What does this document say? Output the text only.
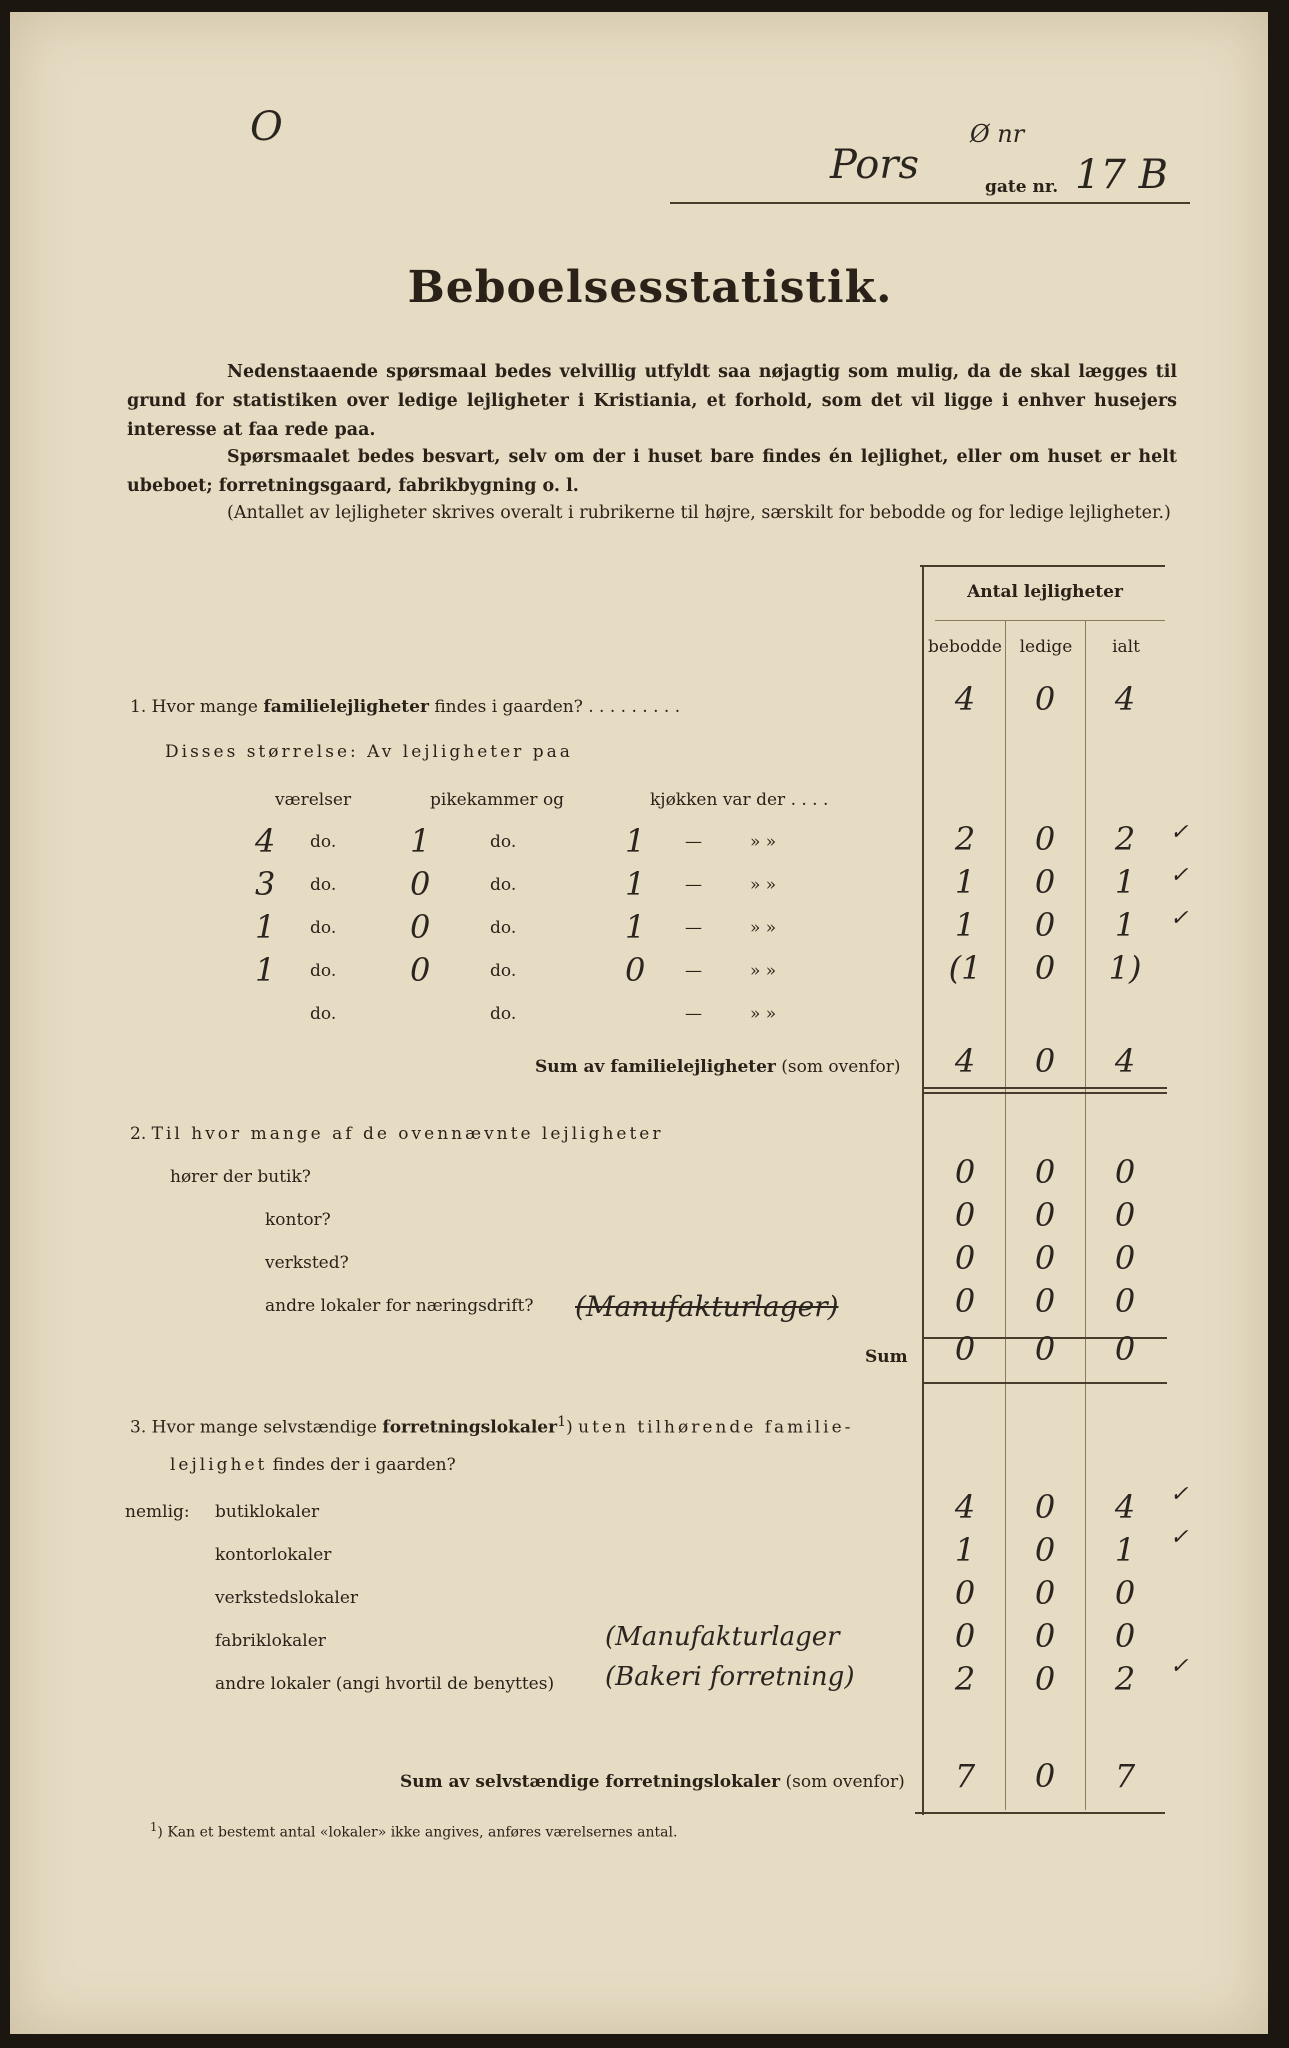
O	Ø nr
Pors	gate nr. 17 B
Beboelsesstatistik.
Nedenstaaende spørsmaal bedes velvillig utfyldt saa nøjagtig som mulig, da de skal lægges til grund for statistiken over ledige lejligheter i Kristiania, et forhold, som det vil ligge i enhver husejers interesse at faa rede paa.
Spørsmaalet bedes besvart, selv om der i huset bare findes én lejlighet, eller om huset er helt ubeboet; forretningsgaard, fabrikbygning o. l.
(Antallet av lejligheter skrives overalt i rubrikerne til højre, særskilt for bebodde og for ledige lejligheter.)
Antal lejligheter
bebodde	ledige	ialt
1. Hvor mange familielejligheter findes i gaarden? . . . . . . . . .	4	0	4
Disses størrelse: Av lejligheter paa
værelser	pikekammer og	kjøkken var der . . . .
4 do. 1	do.	1 —	» »	2	0	2	✓
3 do. 0	do.	1 —	» »	1	0	1	✓
1 do. 0	do.	1 —	» »	1	0	1	✓
1 do. 0	do.	0 —	» »	(1	0	1)
do.	do.	—	» »
Sum av familielejligheter (som ovenfor)	4	0	4
2. Til hvor mange af de ovennævnte lejligheter
hører der butik?	0	0	0
kontor?	0	0	0
verksted?	0	0	0
andre lokaler for næringsdrift?	0	0	0
(Manufakturlager)
Sum	0	0	0
3. Hvor mange selvstændige forretningslokaler$^1$) uten tilhørende familie-
lejlighet findes der i gaarden?
nemlig: butiklokaler	4	0	4	✓
kontorlokaler	1	0	1	✓
verkstedslokaler	0	0	0
fabriklokaler	0	0	0
andre lokaler (angi hvortil de benyttes)	2	0	2	✓
(Manufakturlager
(Bakeri forretning)
Sum av selvstændige forretningslokaler (som ovenfor)	7	0	7
$^1$) Kan et bestemt antal «lokaler» ikke angives, anføres værelsernes antal.
